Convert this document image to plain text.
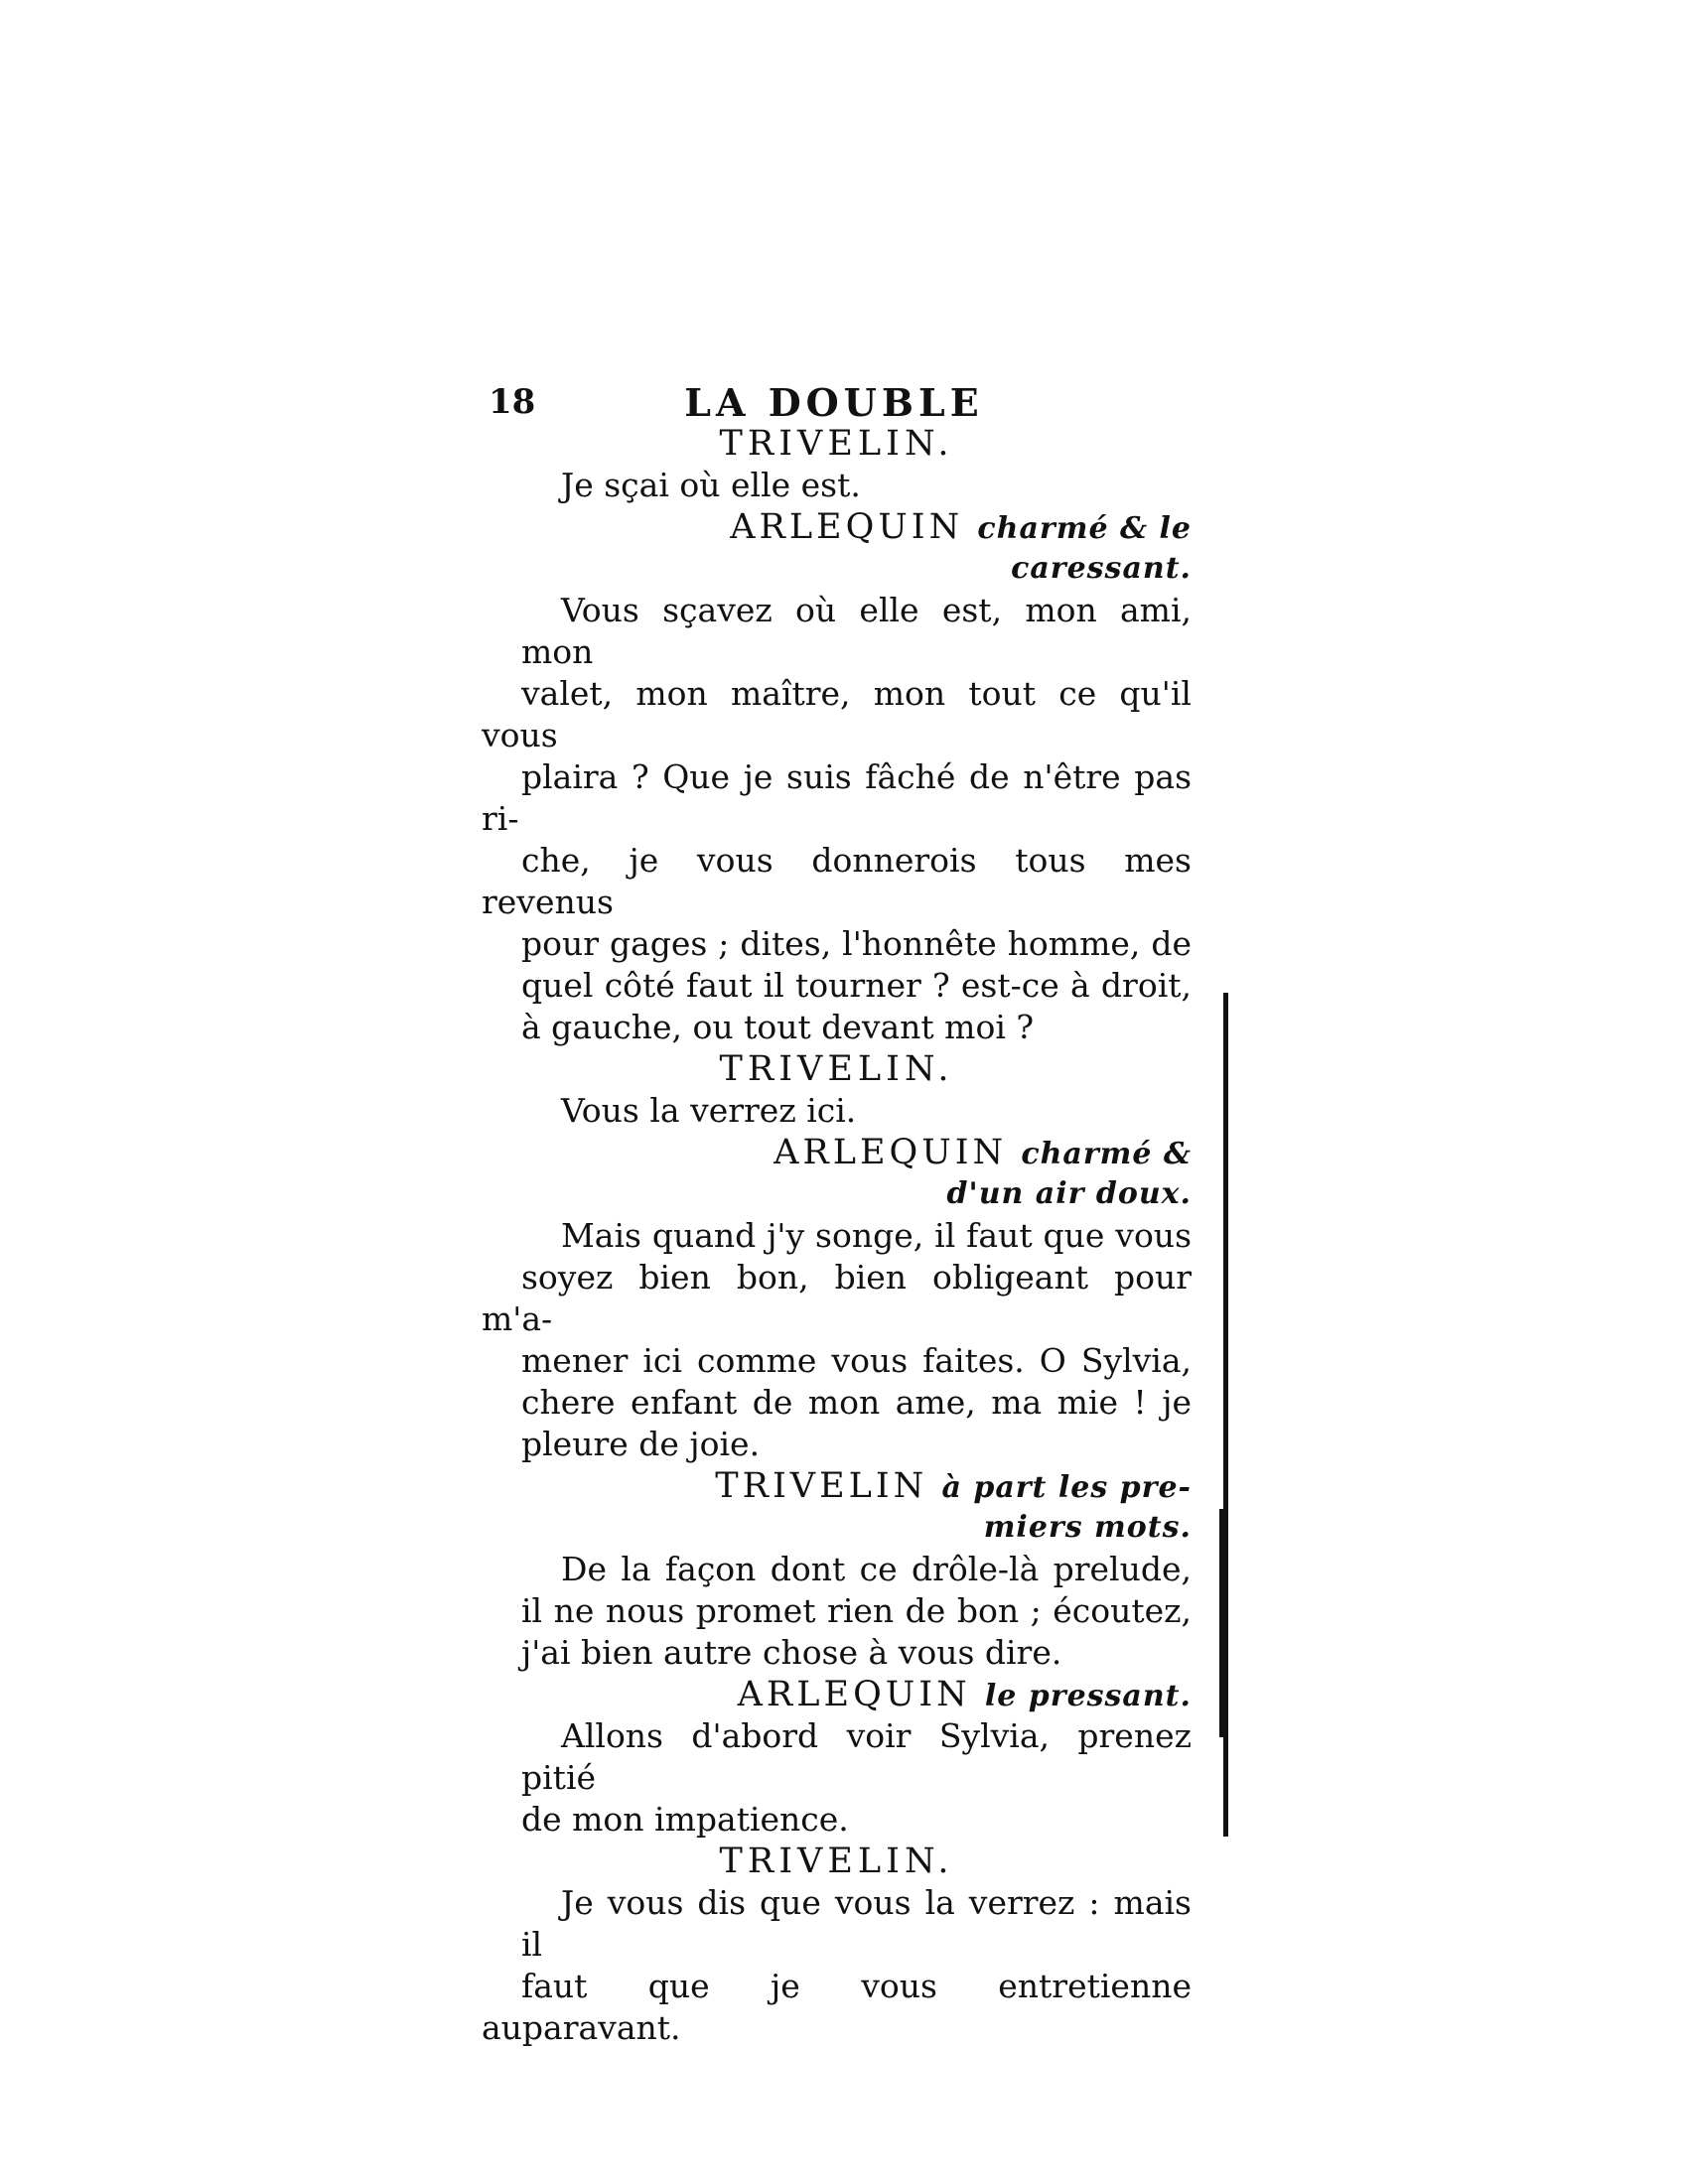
18	LA DOUBLE
TRIVELIN.
Je sçai où elle est.
ARLEQUIN charmé & le
caressant.
Vous sçavez où elle est, mon ami, mon
valet, mon maître, mon tout ce qu'il vous
plaira ? Que je suis fâché de n'être pas ri-
che, je vous donnerois tous mes revenus
pour gages ; dites, l'honnête homme, de
quel côté faut il tourner ? est-ce à droit,
à gauche, ou tout devant moi ?
TRIVELIN.
Vous la verrez ici.
ARLEQUIN charmé &
d'un air doux.
Mais quand j'y songe, il faut que vous
soyez bien bon, bien obligeant pour m'a-
mener ici comme vous faites. O Sylvia,
chere enfant de mon ame, ma mie ! je
pleure de joie.
TRIVELIN à part les pre-
miers mots.
De la façon dont ce drôle-là prelude,
il ne nous promet rien de bon ; écoutez,
j'ai bien autre chose à vous dire.
ARLEQUIN le pressant.
Allons d'abord voir Sylvia, prenez pitié
de mon impatience.
TRIVELIN.
Je vous dis que vous la verrez : mais il
faut que je vous entretienne auparavant.
